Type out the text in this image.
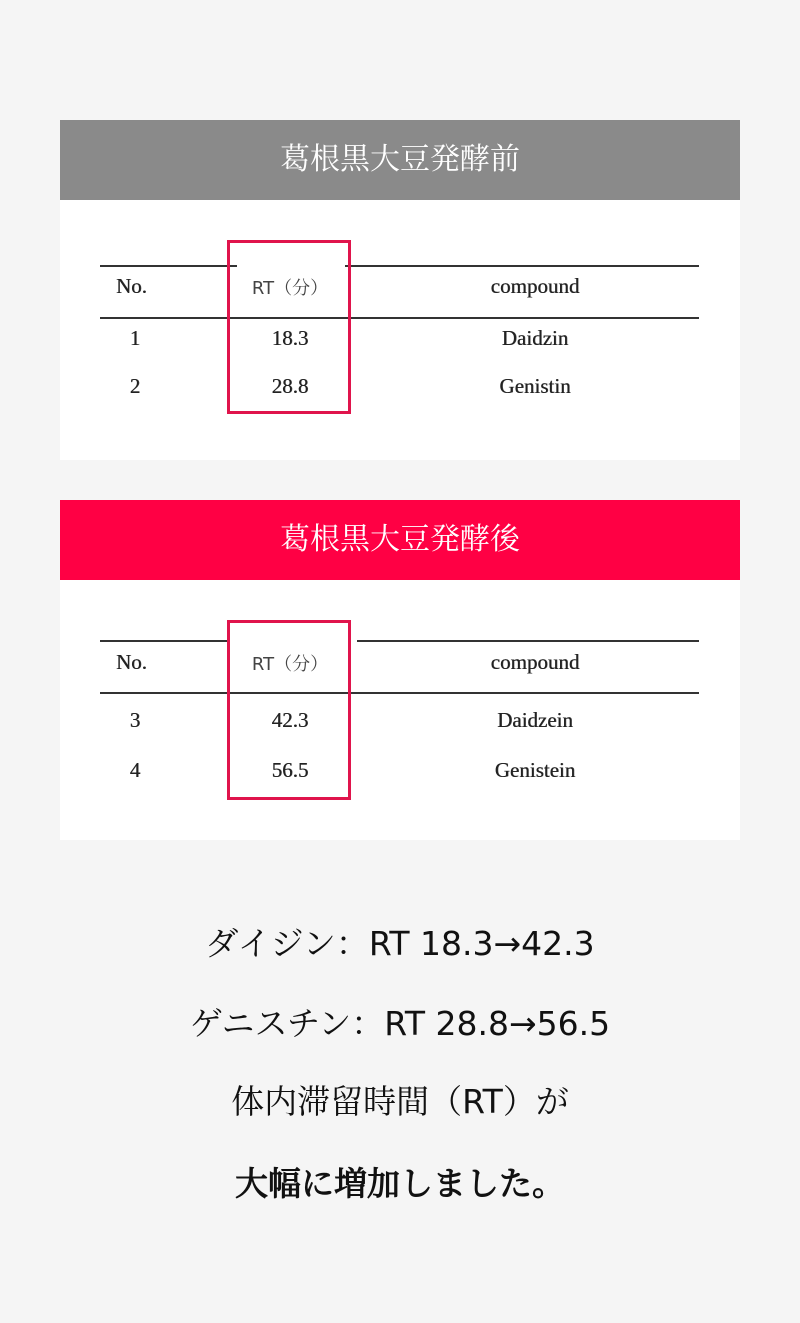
葛根黒大豆発酵前
No.	RT（分）	compound
1	18.3	Daidzin
2	28.8	Genistin
葛根黒大豆発酵後
No.	RT（分）	compound
3	42.3	Daidzein
4	56.5	Genistein
ダイジン：RT 18.3→42.3
ゲニスチン：RT 28.8→56.5
体内滞留時間（RT）が
大幅に増加しました。
